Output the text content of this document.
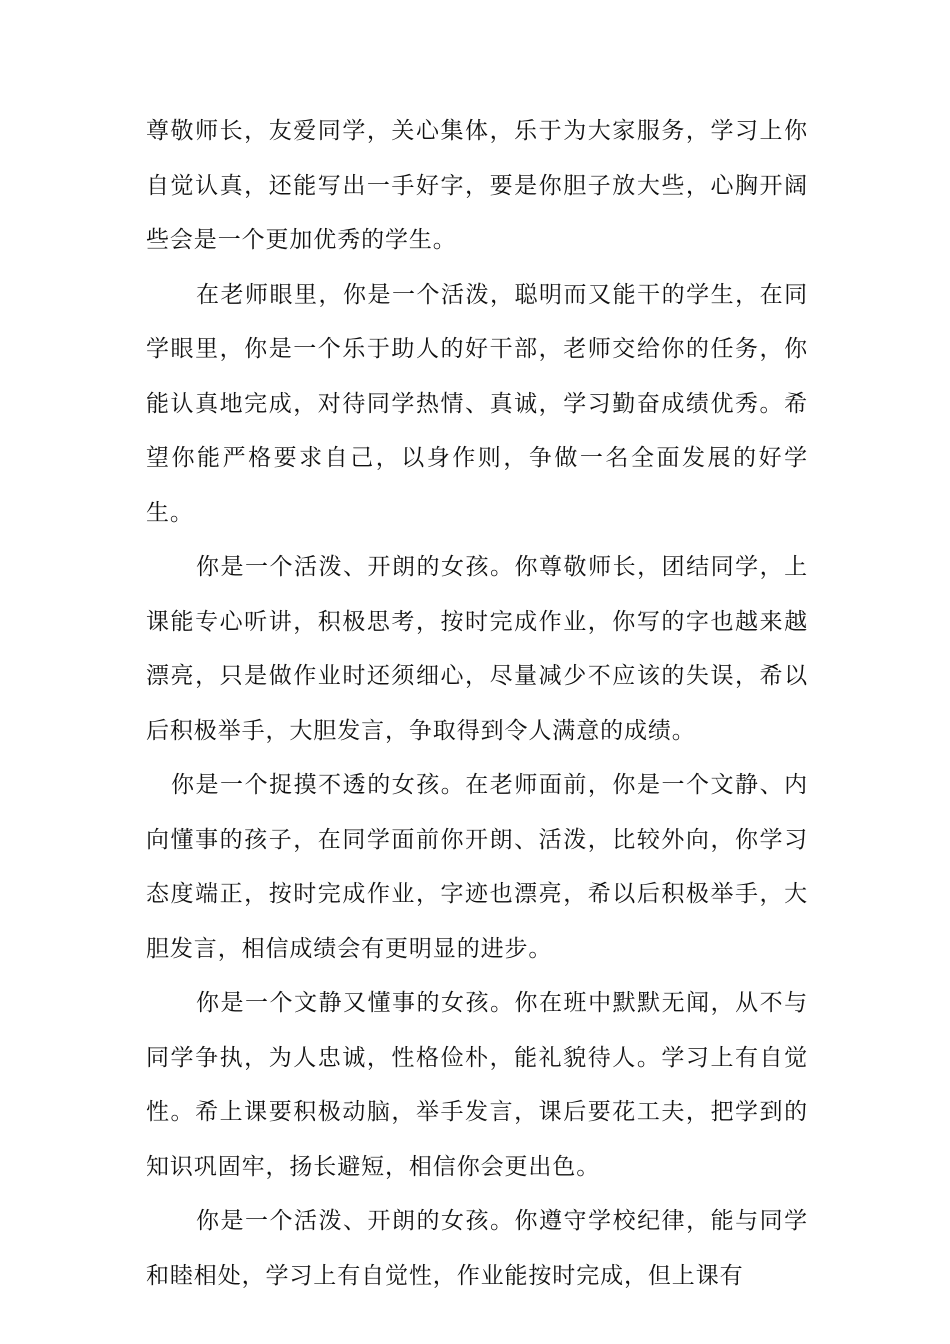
尊敬师长，友爱同学，关心集体，乐于为大家服务，学习上你自觉认真，还能写出一手好字，要是你胆子放大些，心胸开阔些会是一个更加优秀的学生。

在老师眼里，你是一个活泼，聪明而又能干的学生，在同学眼里，你是一个乐于助人的好干部，老师交给你的任务，你能认真地完成，对待同学热情、真诚，学习勤奋成绩优秀。希望你能严格要求自己，以身作则，争做一名全面发展的好学生。

你是一个活泼、开朗的女孩。你尊敬师长，团结同学，上课能专心听讲，积极思考，按时完成作业，你写的字也越来越漂亮，只是做作业时还须细心，尽量减少不应该的失误，希以后积极举手，大胆发言，争取得到令人满意的成绩。

你是一个捉摸不透的女孩。在老师面前，你是一个文静、内向懂事的孩子，在同学面前你开朗、活泼，比较外向，你学习态度端正，按时完成作业，字迹也漂亮，希以后积极举手，大胆发言，相信成绩会有更明显的进步。

你是一个文静又懂事的女孩。你在班中默默无闻，从不与同学争执，为人忠诚，性格俭朴，能礼貌待人。学习上有自觉性。希上课要积极动脑，举手发言，课后要花工夫，把学到的知识巩固牢，扬长避短，相信你会更出色。

你是一个活泼、开朗的女孩。你遵守学校纪律，能与同学和睦相处，学习上有自觉性，作业能按时完成，但上课有
